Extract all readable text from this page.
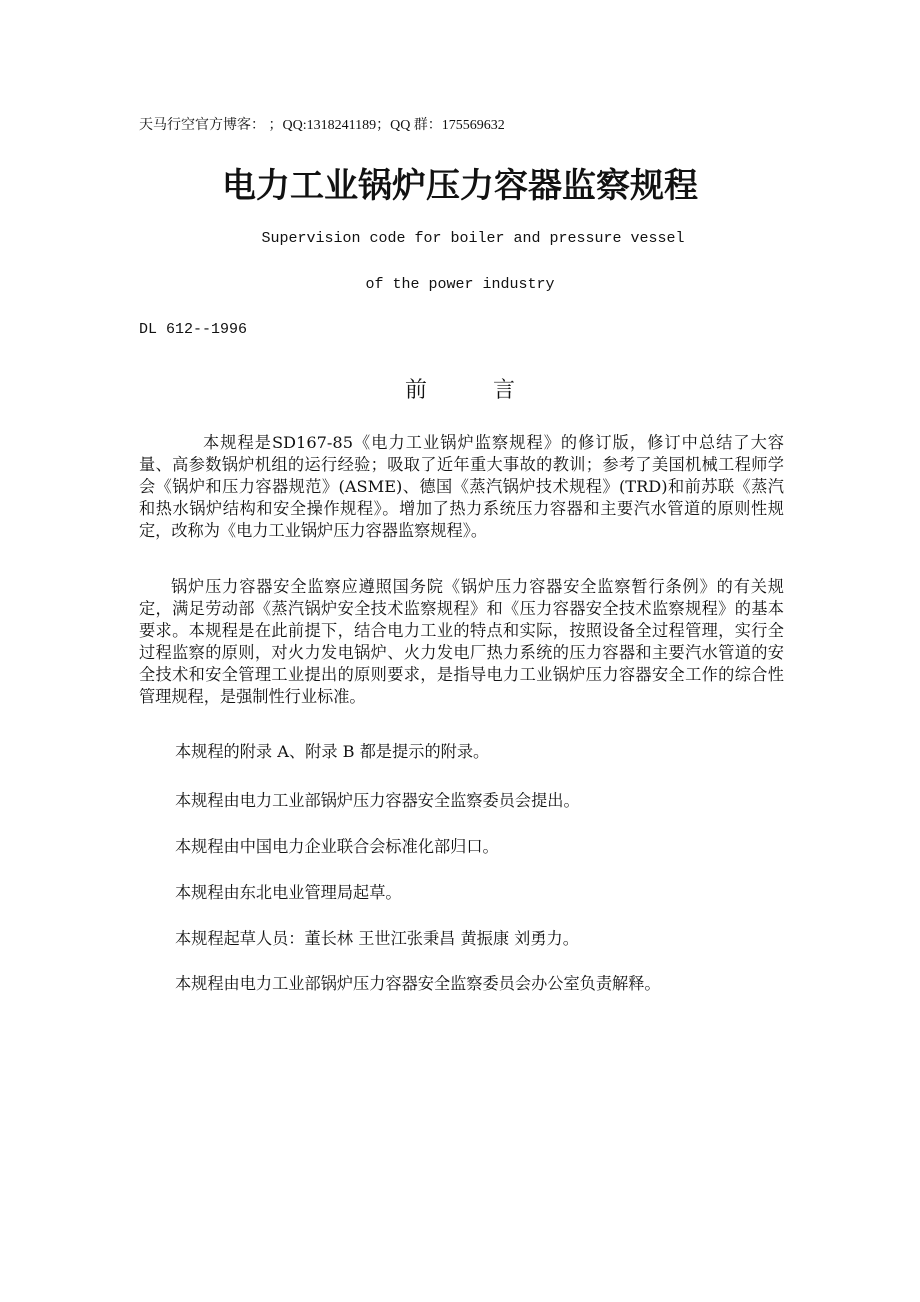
天马行空官方博客： ；QQ:1318241189；QQ 群：175569632
电力工业锅炉压力容器监察规程
Supervision code for boiler and pressure vessel
of the power industry
DL 612--1996
前	言
本规程是SD167-85《电力工业锅炉监察规程》的修订版，修订中总结了大容量、高参数锅炉机组的运行经验；吸取了近年重大事故的教训；参考了美国机械工程师学会《锅炉和压力容器规范》(ASME)、德国《蒸汽锅炉技术规程》(TRD)和前苏联《蒸汽和热水锅炉结构和安全操作规程》。增加了热力系统压力容器和主要汽水管道的原则性规定，改称为《电力工业锅炉压力容器监察规程》。
锅炉压力容器安全监察应遵照国务院《锅炉压力容器安全监察暂行条例》的有关规定，满足劳动部《蒸汽锅炉安全技术监察规程》和《压力容器安全技术监察规程》的基本要求。本规程是在此前提下，结合电力工业的特点和实际，按照设备全过程管理，实行全过程监察的原则，对火力发电锅炉、火力发电厂热力系统的压力容器和主要汽水管道的安全技术和安全管理工业提出的原则要求，是指导电力工业锅炉压力容器安全工作的综合性管理规程，是强制性行业标准。
本规程的附录 A、附录 B 都是提示的附录。
本规程由电力工业部锅炉压力容器安全监察委员会提出。
本规程由中国电力企业联合会标准化部归口。
本规程由东北电业管理局起草。
本规程起草人员：董长林 王世江张秉昌 黄振康 刘勇力。
本规程由电力工业部锅炉压力容器安全监察委员会办公室负责解释。
